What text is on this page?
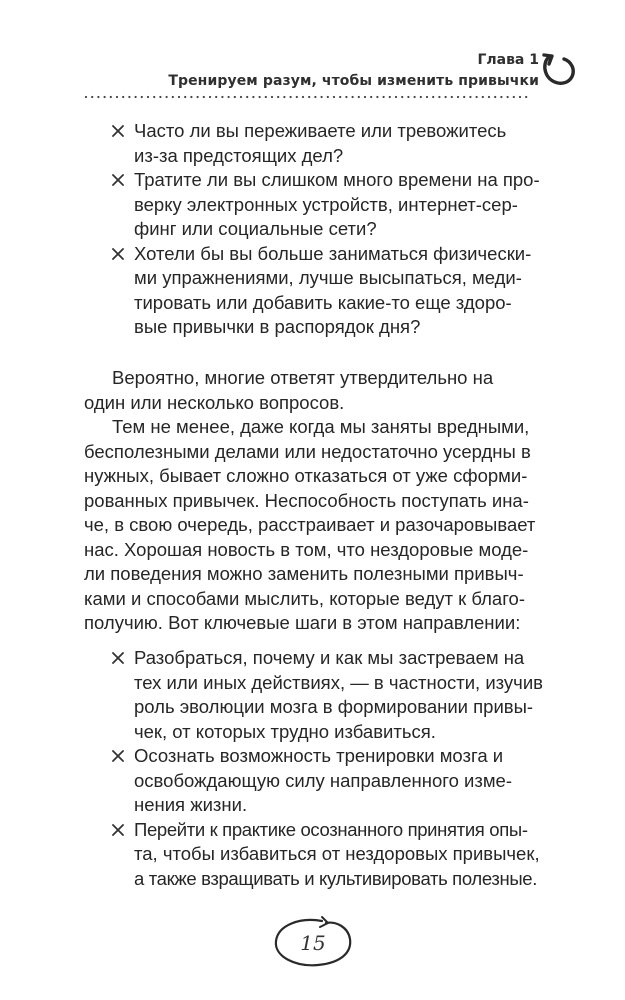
Глава 1
Тренируем разум, чтобы изменить привычки
Часто ли вы переживаете или тревожитесь
из-за предстоящих дел?
Тратите ли вы слишком много времени на про-
верку электронных устройств, интернет-сер-
финг или социальные сети?
Хотели бы вы больше заниматься физически-
ми упражнениями, лучше высыпаться, меди-
тировать или добавить какие-то еще здоро-
вые привычки в распорядок дня?
Вероятно, многие ответят утвердительно на
один или несколько вопросов.
Тем не менее, даже когда мы заняты вредными,
бесполезными делами или недостаточно усердны в
нужных, бывает сложно отказаться от уже сформи-
рованных привычек. Неспособность поступать ина-
че, в свою очередь, расстраивает и разочаровывает
нас. Хорошая новость в том, что нездоровые моде-
ли поведения можно заменить полезными привыч-
ками и способами мыслить, которые ведут к благо-
получию. Вот ключевые шаги в этом направлении:
Разобраться, почему и как мы застреваем на
тех или иных действиях, — в частности, изучив
роль эволюции мозга в формировании привы-
чек, от которых трудно избавиться.
Осознать возможность тренировки мозга и
освобождающую силу направленного изме-
нения жизни.
Перейти к практике осознанного принятия опы-
та, чтобы избавиться от нездоровых привычек,
а также взращивать и культивировать полезные.
15
